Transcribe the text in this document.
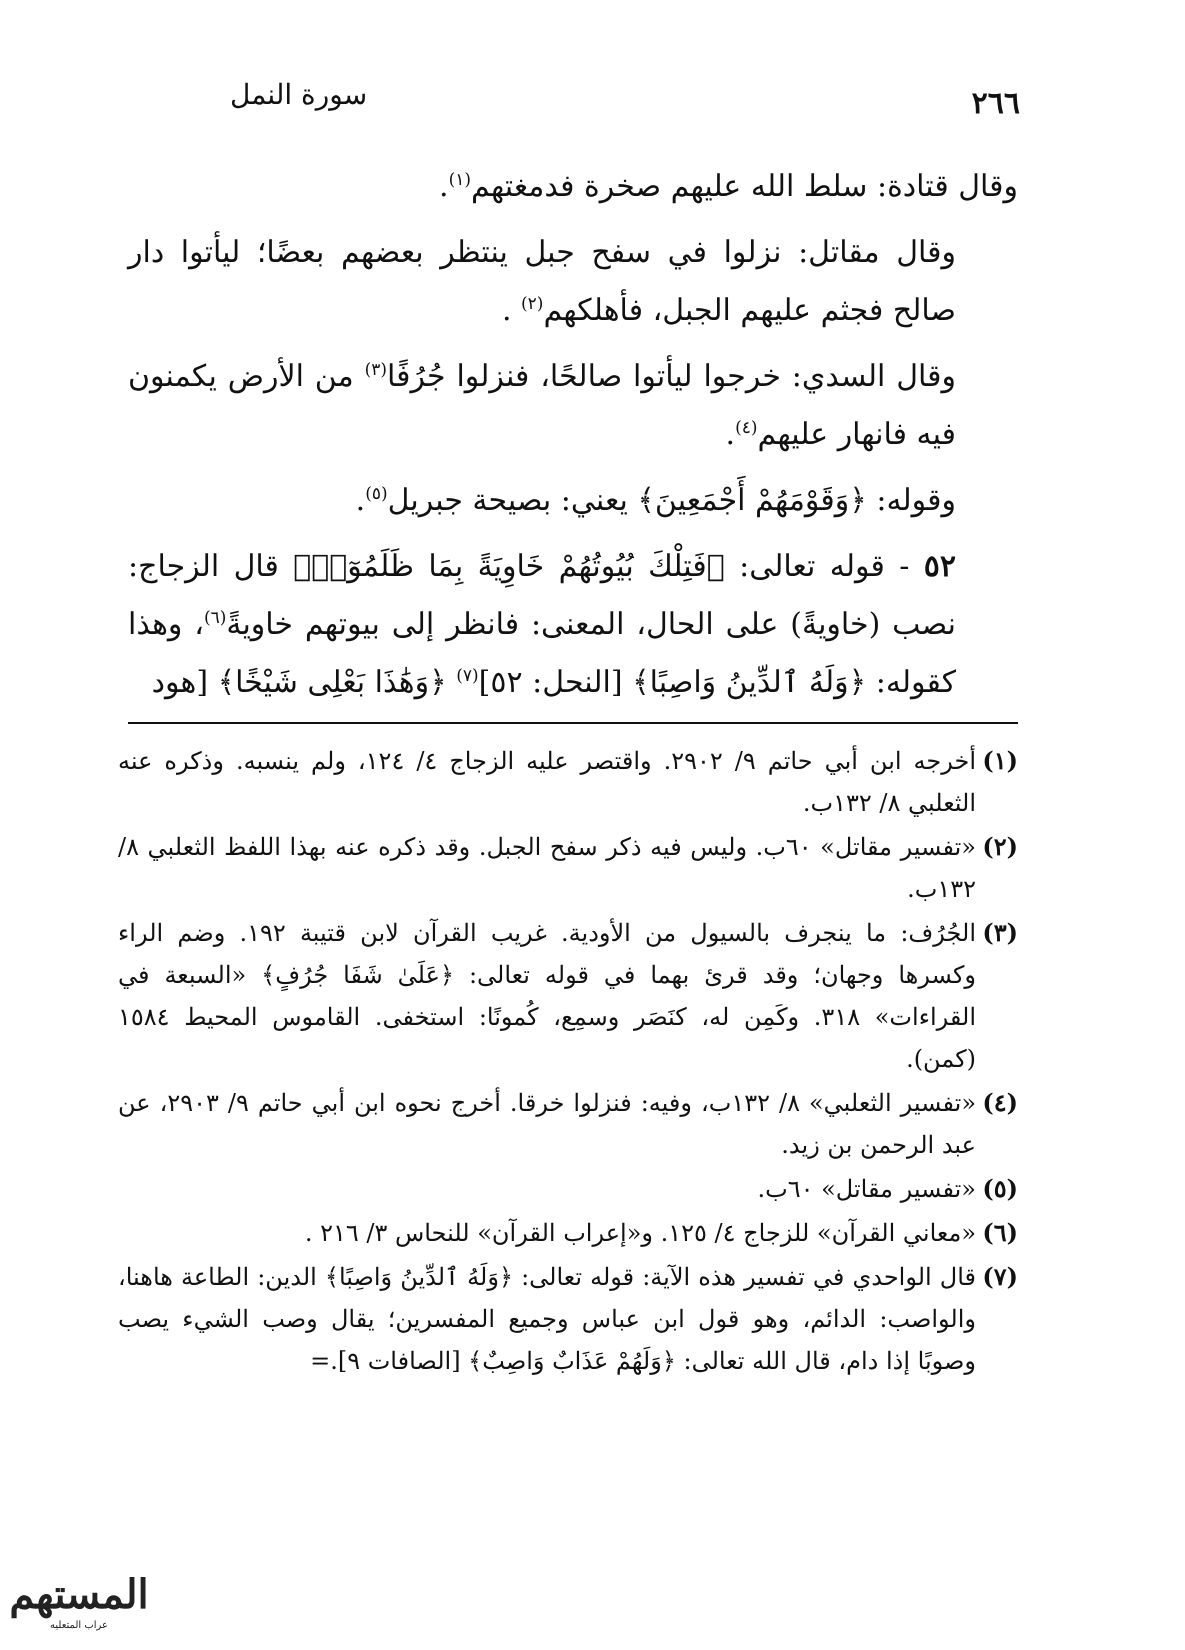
٢٦٦
سورة النمل

وقال قتادة: سلط الله عليهم صخرة فدمغتهم$^{(١)}$.

وقال مقاتل: نزلوا في سفح جبل ينتظر بعضهم بعضًا؛ ليأتوا دار صالح فجثم عليهم الجبل، فأهلكهم$^{(٢)}$ .

وقال السدي: خرجوا ليأتوا صالحًا، فنزلوا جُرُفًا$^{(٣)}$ من الأرض يكمنون فيه فانهار عليهم$^{(٤)}$.

وقوله: ﴿وَقَوْمَهُمْ أَجْمَعِينَ﴾ يعني: بصيحة جبريل$^{(٥)}$.

٥٢ - قوله تعالى: ﴿فَتِلْكَ بُيُوتُهُمْ خَاوِيَةً بِمَا ظَلَمُوٓا۟﴾ قال الزجاج: نصب (خاويةً) على الحال، المعنى: فانظر إلى بيوتهم خاويةً$^{(٦)}$، وهذا كقوله: ﴿وَلَهُ ٱلدِّينُ وَاصِبًا﴾ [النحل: ٥٢]$^{(٧)}$ ﴿وَهَٰذَا بَعْلِى شَيْخًا﴾ [هود

(١)
أخرجه ابن أبي حاتم ٩/ ٢٩٠٢. واقتصر عليه الزجاج ٤/ ١٢٤، ولم ينسبه. وذكره عنه الثعلبي ٨/ ١٣٢ب.
(٢)
«تفسير مقاتل» ٦٠ب. وليس فيه ذكر سفح الجبل. وقد ذكره عنه بهذا اللفظ الثعلبي ٨/ ١٣٢ب.
(٣)
الجُرُف: ما ينجرف بالسيول من الأودية. غريب القرآن لابن قتيبة ١٩٢. وضم الراء وكسرها وجهان؛ وقد قرئ بهما في قوله تعالى: ﴿عَلَىٰ شَفَا جُرُفٍ﴾ «السبعة في القراءات» ٣١٨. وكَمِن له، كنَصَر وسمِع، كُمونًا: استخفى. القاموس المحيط ١٥٨٤ (كمن).
(٤)
«تفسير الثعلبي» ٨/ ١٣٢ب، وفيه: فنزلوا خرقا. أخرج نحوه ابن أبي حاتم ٩/ ٢٩٠٣، عن عبد الرحمن بن زيد.
(٥)
«تفسير مقاتل» ٦٠ب.
(٦)
«معاني القرآن» للزجاج ٤/ ١٢٥. و«إعراب القرآن» للنحاس ٣/ ٢١٦ .
(٧)
قال الواحدي في تفسير هذه الآية: قوله تعالى: ﴿وَلَهُ ٱلدِّينُ وَاصِبًا﴾ الدين: الطاعة هاهنا، والواصب: الدائم، وهو قول ابن عباس وجميع المفسرين؛ يقال وصب الشيء يصب وصوبًا إذا دام، قال الله تعالى: ﴿وَلَهُمْ عَذَابٌ وَاصِبٌ﴾ [الصافات ٩].=
المستهم
عراب المتعليه
